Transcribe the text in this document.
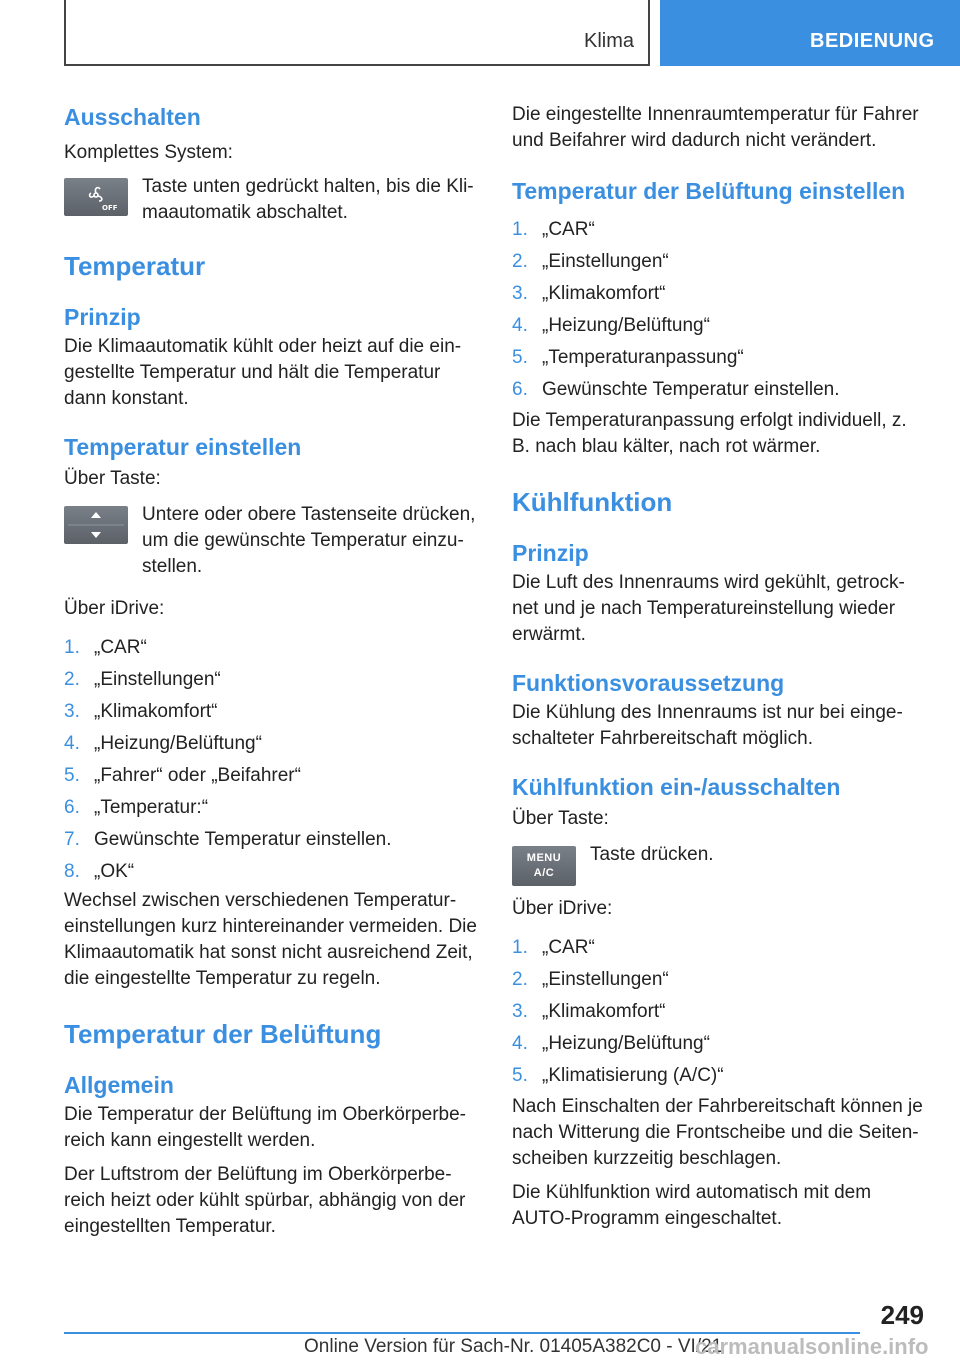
Klima	BEDIENUNG
Ausschalten

Komplettes System:

OFF

Taste unten gedrückt halten, bis die Kli-maautomatik abschaltet.

Temperatur
Prinzip

Die Klimaautomatik kühlt oder heizt auf die ein-gestellte Temperatur und hält die Temperatur dann konstant.

Temperatur einstellen

Über Taste:

Untere oder obere Tastenseite drücken, um die gewünschte Temperatur einzu-stellen.

Über iDrive:

1. „CAR“
2. „Einstellungen“
3. „Klimakomfort“
4. „Heizung/Belüftung“
5. „Fahrer“ oder „Beifahrer“
6. „Temperatur:“
7. Gewünschte Temperatur einstellen.
8. „OK“

Wechsel zwischen verschiedenen Temperatur-einstellungen kurz hintereinander vermeiden. Die Klimaautomatik hat sonst nicht ausreichend Zeit, die eingestellte Temperatur zu regeln.

Temperatur der Belüftung
Allgemein

Die Temperatur der Belüftung im Oberkörperbe-reich kann eingestellt werden.

Der Luftstrom der Belüftung im Oberkörperbe-reich heizt oder kühlt spürbar, abhängig von der eingestellten Temperatur.

Die eingestellte Innenraumtemperatur für Fahrer und Beifahrer wird dadurch nicht verändert.

Temperatur der Belüftung einstellen
1. „CAR“
2. „Einstellungen“
3. „Klimakomfort“
4. „Heizung/Belüftung“
5. „Temperaturanpassung“
6. Gewünschte Temperatur einstellen.

Die Temperaturanpassung erfolgt individuell, z. B. nach blau kälter, nach rot wärmer.

Kühlfunktion
Prinzip

Die Luft des Innenraums wird gekühlt, getrock-net und je nach Temperatureinstellung wieder erwärmt.

Funktionsvoraussetzung

Die Kühlung des Innenraums ist nur bei einge-schalteter Fahrbereitschaft möglich.

Kühlfunktion ein-/ausschalten

Über Taste:

MENU
A/C

Taste drücken.

Über iDrive:

1. „CAR“
2. „Einstellungen“
3. „Klimakomfort“
4. „Heizung/Belüftung“
5. „Klimatisierung (A/C)“

Nach Einschalten der Fahrbereitschaft können je nach Witterung die Frontscheibe und die Seiten-scheiben kurzzeitig beschlagen.

Die Kühlfunktion wird automatisch mit dem AUTO-Programm eingeschaltet.

249
Online Version für Sach-Nr. 01405A382C0 - VI/21
carmanualsonline.info
